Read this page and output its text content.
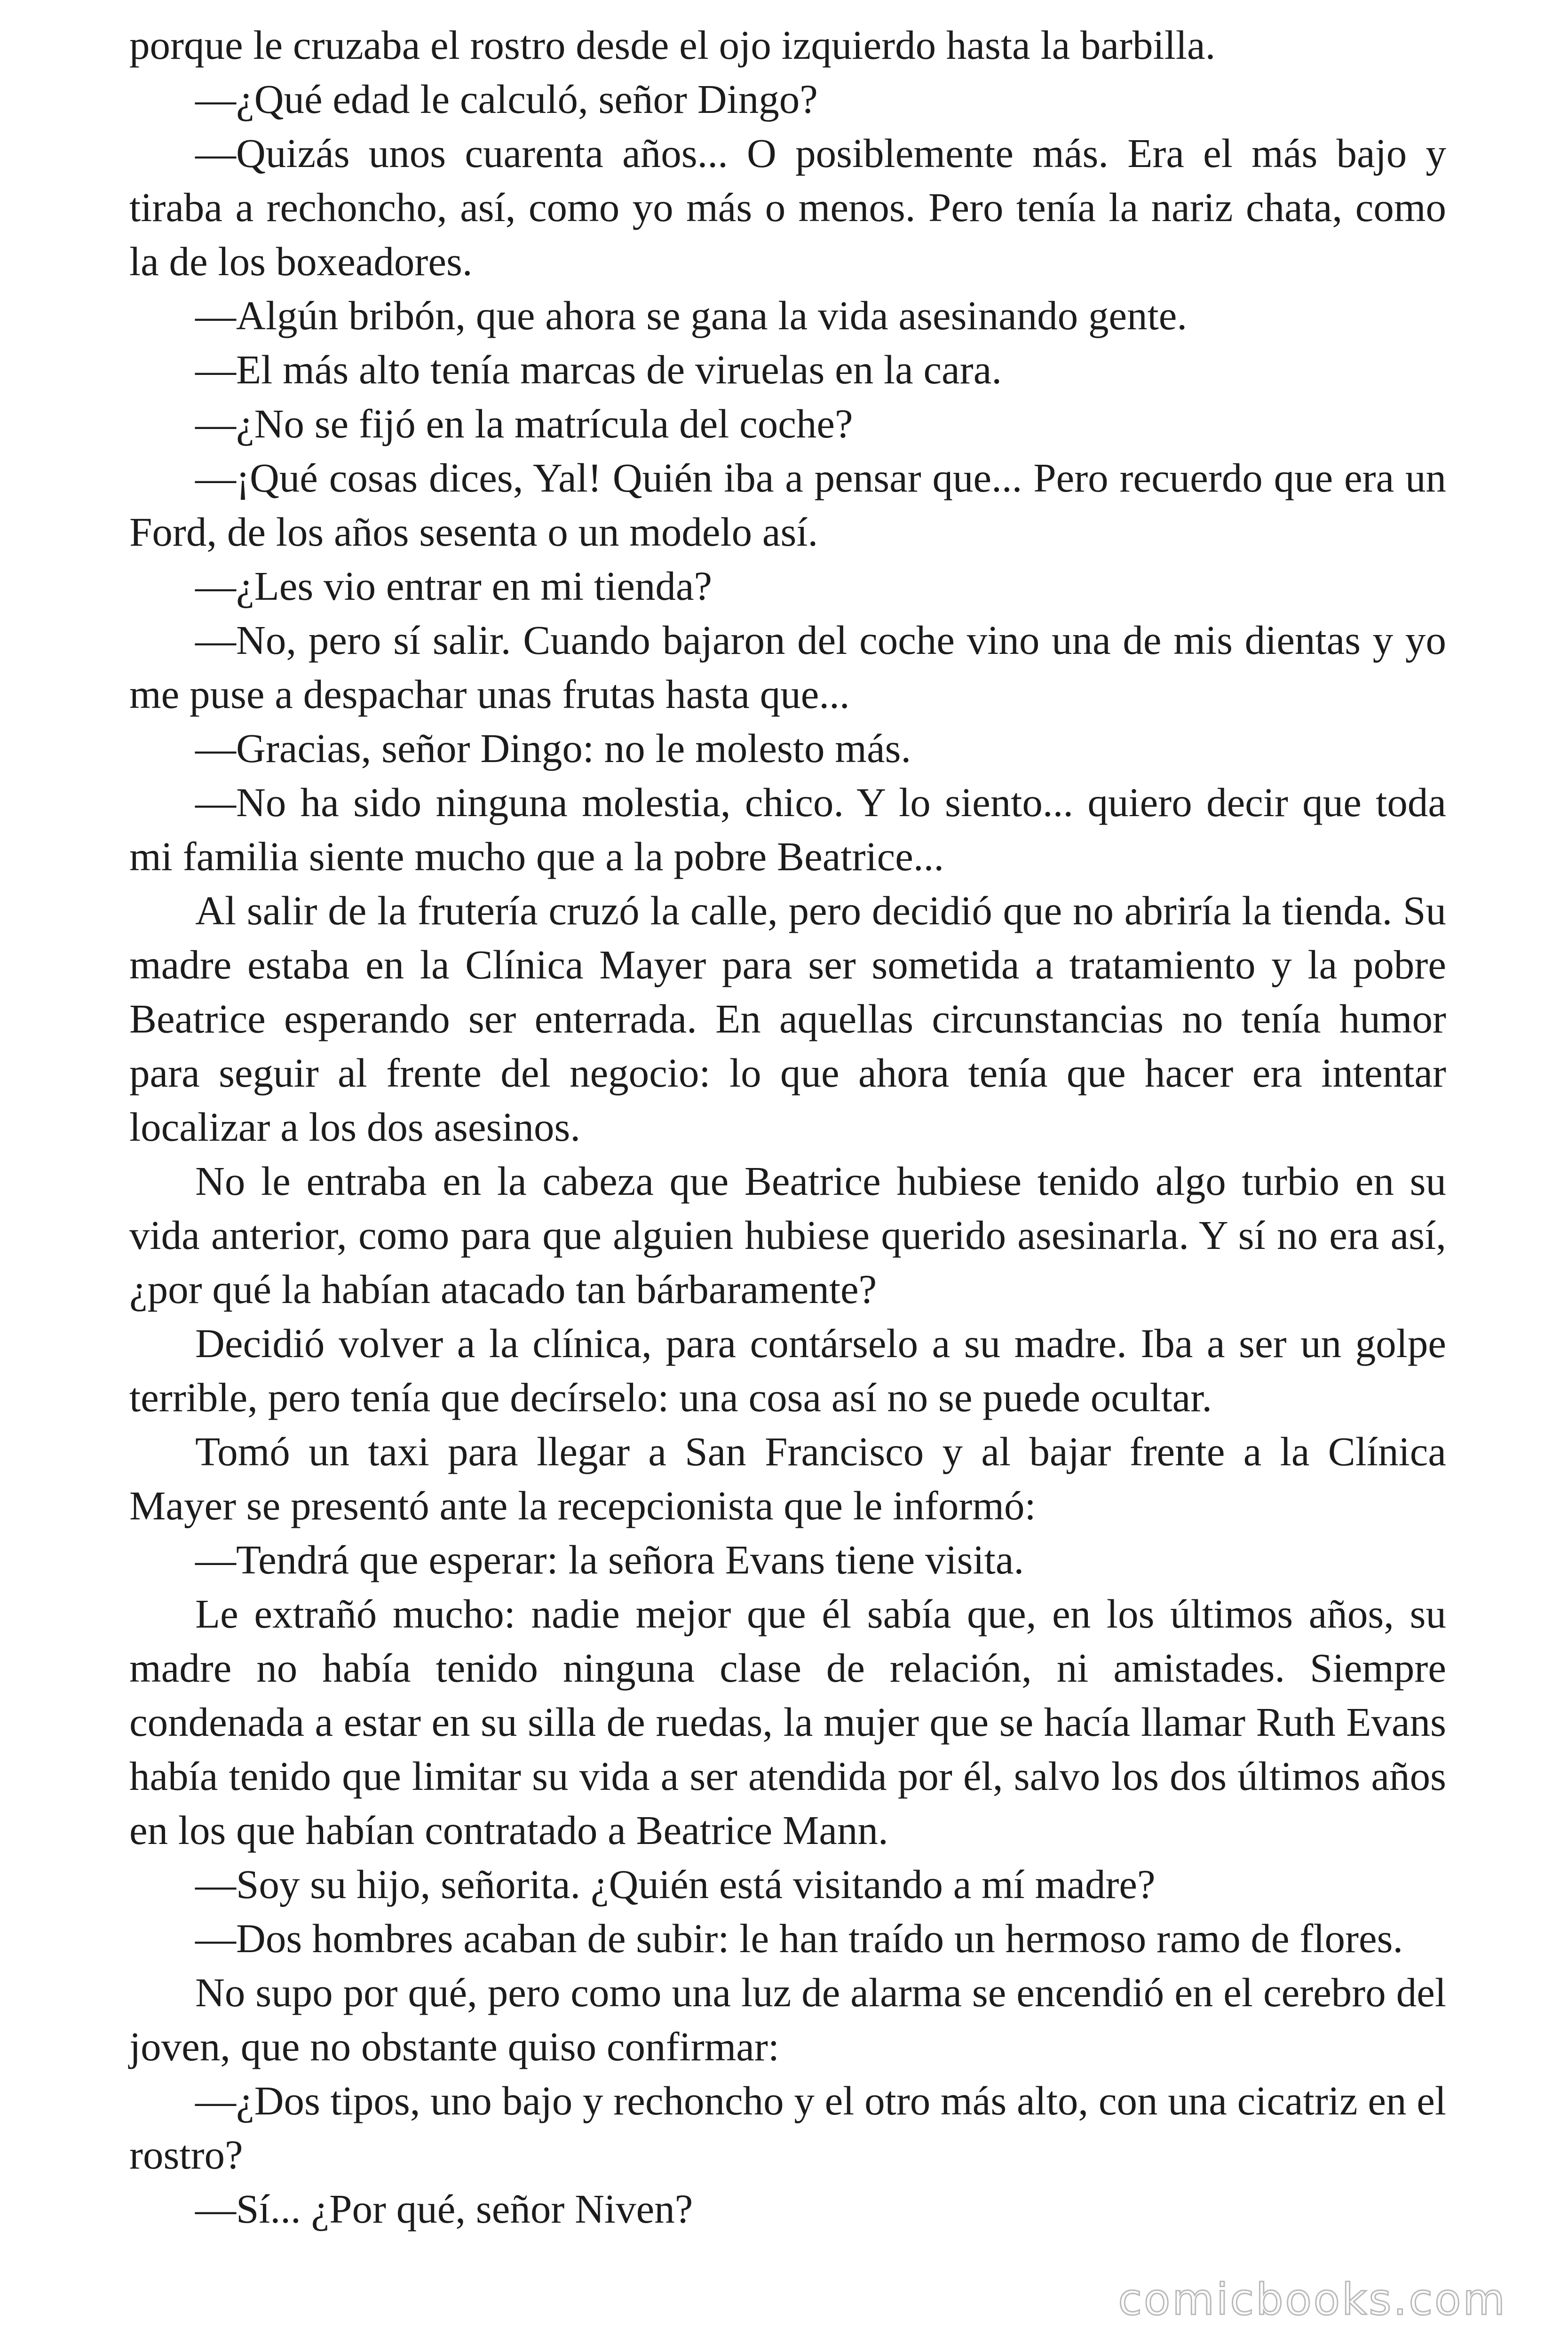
porque le cruzaba el rostro desde el ojo izquierdo hasta la barbilla.

—¿Qué edad le calculó, señor Dingo?

—Quizás unos cuarenta años... O posiblemente más. Era el más bajo y tiraba a rechoncho, así, como yo más o menos. Pero tenía la nariz chata, como la de los boxeadores.

—Algún bribón, que ahora se gana la vida asesinando gente.

—El más alto tenía marcas de viruelas en la cara.

—¿No se fijó en la matrícula del coche?

—¡Qué cosas dices, Yal! Quién iba a pensar que... Pero recuerdo que era un Ford, de los años sesenta o un modelo así.

—¿Les vio entrar en mi tienda?

—No, pero sí salir. Cuando bajaron del coche vino una de mis dientas y yo me puse a despachar unas frutas hasta que...

—Gracias, señor Dingo: no le molesto más.

—No ha sido ninguna molestia, chico. Y lo siento... quiero decir que toda mi familia siente mucho que a la pobre Beatrice...

Al salir de la frutería cruzó la calle, pero decidió que no abriría la tienda. Su madre estaba en la Clínica Mayer para ser sometida a tratamiento y la pobre Beatrice esperando ser enterrada. En aquellas circunstancias no tenía humor para seguir al frente del negocio: lo que ahora tenía que hacer era intentar localizar a los dos asesinos.

No le entraba en la cabeza que Beatrice hubiese tenido algo turbio en su vida anterior, como para que alguien hubiese querido asesinarla. Y sí no era así, ¿por qué la habían atacado tan bárbaramente?

Decidió volver a la clínica, para contárselo a su madre. Iba a ser un golpe terrible, pero tenía que decírselo: una cosa así no se puede ocultar.

Tomó un taxi para llegar a San Francisco y al bajar frente a la Clínica Mayer se presentó ante la recepcionista que le informó:

—Tendrá que esperar: la señora Evans tiene visita.

Le extrañó mucho: nadie mejor que él sabía que, en los últimos años, su madre no había tenido ninguna clase de relación, ni amistades. Siempre condenada a estar en su silla de ruedas, la mujer que se hacía llamar Ruth Evans había tenido que limitar su vida a ser atendida por él, salvo los dos últimos años en los que habían contratado a Beatrice Mann.

—Soy su hijo, señorita. ¿Quién está visitando a mí madre?

—Dos hombres acaban de subir: le han traído un hermoso ramo de flores.

No supo por qué, pero como una luz de alarma se encendió en el cerebro del joven, que no obstante quiso confirmar:

—¿Dos tipos, uno bajo y rechoncho y el otro más alto, con una cicatriz en el rostro?

—Sí... ¿Por qué, señor Niven?

comicbooks.com
